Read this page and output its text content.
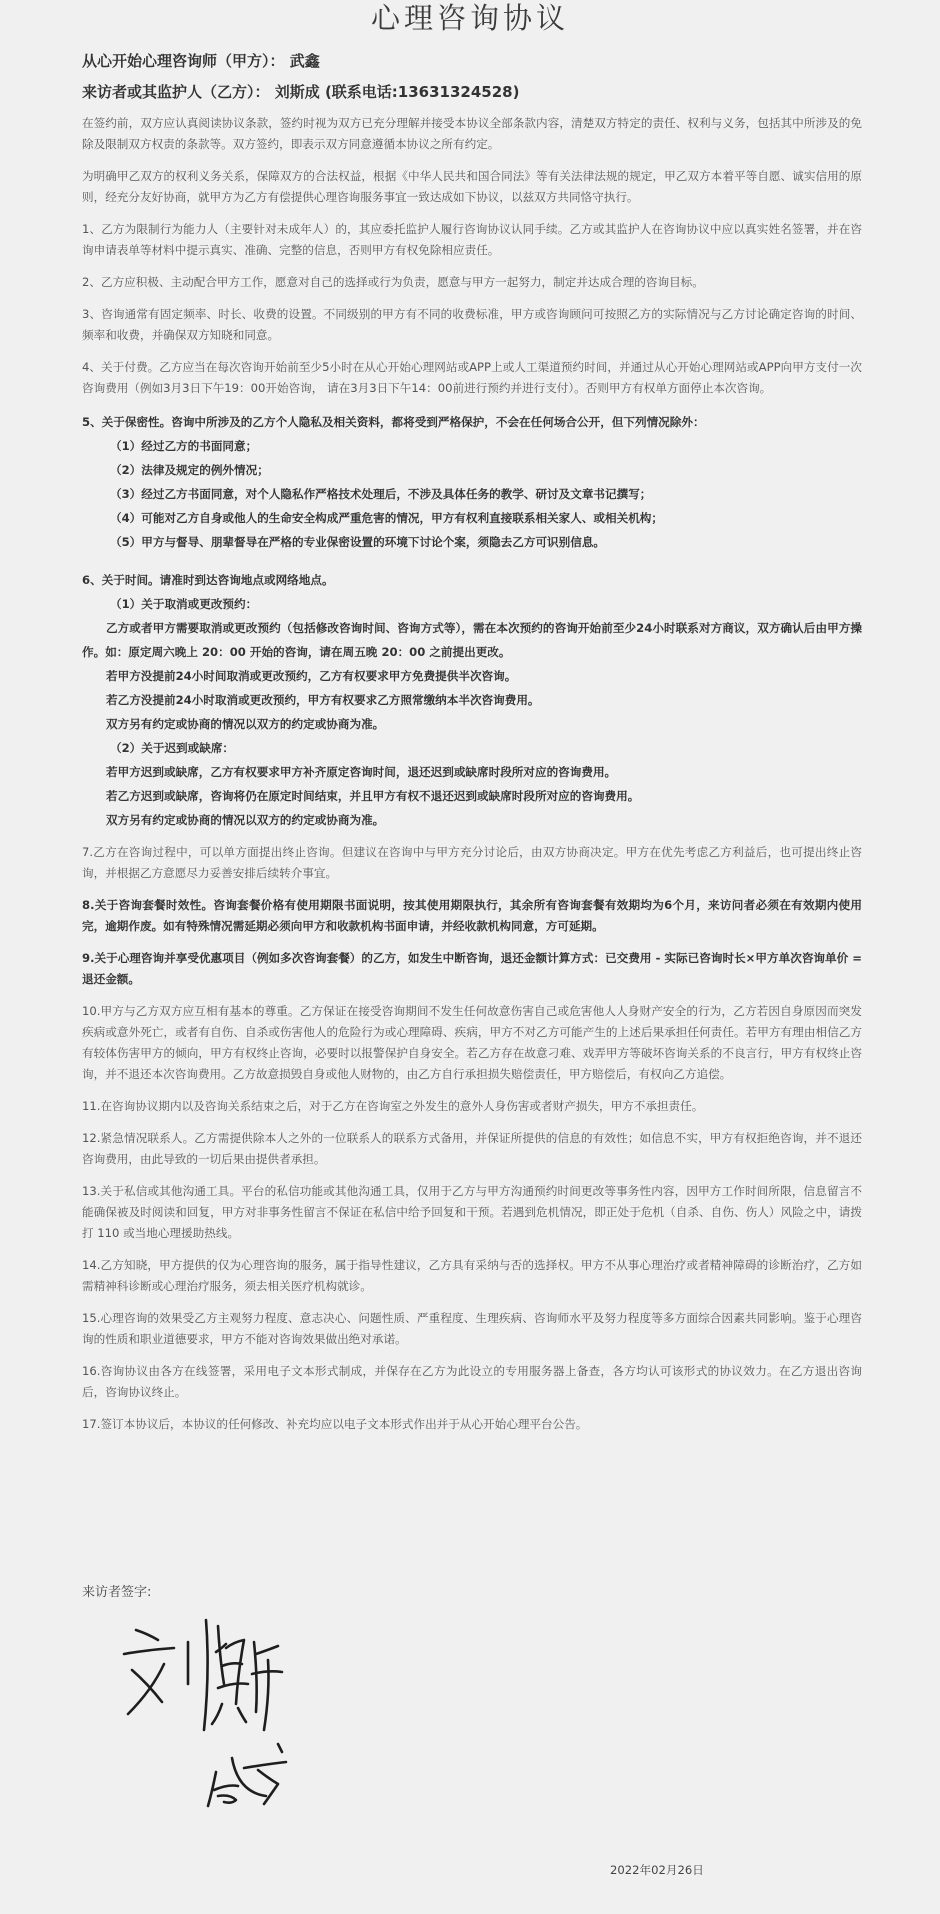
心理咨询协议
从心开始心理咨询师（甲方）： 武鑫
来访者或其监护人（乙方）： 刘斯成 (联系电话:13631324528)

在签约前，双方应认真阅读协议条款，签约时视为双方已充分理解并接受本协议全部条款内容，清楚双方特定的责任、权利与义务，包括其中所涉及的免除及限制双方权责的条款等。双方签约，即表示双方同意遵循本协议之所有约定。

为明确甲乙双方的权利义务关系，保障双方的合法权益，根据《中华人民共和国合同法》等有关法律法规的规定，甲乙双方本着平等自愿、诚实信用的原则，经充分友好协商，就甲方为乙方有偿提供心理咨询服务事宜一致达成如下协议，以兹双方共同恪守执行。

1、乙方为限制行为能力人（主要针对未成年人）的，其应委托监护人履行咨询协议认同手续。乙方或其监护人在咨询协议中应以真实姓名签署，并在咨询申请表单等材料中提示真实、准确、完整的信息，否则甲方有权免除相应责任。

2、乙方应积极、主动配合甲方工作，愿意对自己的选择或行为负责，愿意与甲方一起努力，制定并达成合理的咨询目标。

3、咨询通常有固定频率、时长、收费的设置。不同级别的甲方有不同的收费标准，甲方或咨询顾问可按照乙方的实际情况与乙方讨论确定咨询的时间、频率和收费，并确保双方知晓和同意。

4、关于付费。乙方应当在每次咨询开始前至少5小时在从心开始心理网站或APP上或人工渠道预约时间，并通过从心开始心理网站或APP向甲方支付一次咨询费用（例如3月3日下午19：00开始咨询， 请在3月3日下午14：00前进行预约并进行支付）。否则甲方有权单方面停止本次咨询。

5、关于保密性。咨询中所涉及的乙方个人隐私及相关资料，都将受到严格保护，不会在任何场合公开，但下列情况除外：

（1）经过乙方的书面同意；

（2）法律及规定的例外情况；

（3）经过乙方书面同意，对个人隐私作严格技术处理后，不涉及具体任务的教学、研讨及文章书记撰写；

（4）可能对乙方自身或他人的生命安全构成严重危害的情况，甲方有权利直接联系相关家人、或相关机构；

（5）甲方与督导、朋辈督导在严格的专业保密设置的环境下讨论个案，须隐去乙方可识别信息。

6、关于时间。请准时到达咨询地点或网络地点。

（1）关于取消或更改预约：

乙方或者甲方需要取消或更改预约（包括修改咨询时间、咨询方式等），需在本次预约的咨询开始前至少24小时联系对方商议，双方确认后由甲方操作。如：原定周六晚上 20：00 开始的咨询，请在周五晚 20：00 之前提出更改。

若甲方没提前24小时间取消或更改预约，乙方有权要求甲方免费提供半次咨询。

若乙方没提前24小时取消或更改预约，甲方有权要求乙方照常缴纳本半次咨询费用。

双方另有约定或协商的情况以双方的约定或协商为准。

（2）关于迟到或缺席：

若甲方迟到或缺席，乙方有权要求甲方补齐原定咨询时间，退还迟到或缺席时段所对应的咨询费用。

若乙方迟到或缺席，咨询将仍在原定时间结束，并且甲方有权不退还迟到或缺席时段所对应的咨询费用。

双方另有约定或协商的情况以双方的约定或协商为准。

7.乙方在咨询过程中，可以单方面提出终止咨询。但建议在咨询中与甲方充分讨论后，由双方协商决定。甲方在优先考虑乙方利益后，也可提出终止咨询，并根据乙方意愿尽力妥善安排后续转介事宜。

8.关于咨询套餐时效性。咨询套餐价格有使用期限书面说明，按其使用期限执行，其余所有咨询套餐有效期均为6个月，来访问者必须在有效期内使用完，逾期作废。如有特殊情况需延期必须向甲方和收款机构书面申请，并经收款机构同意，方可延期。

9.关于心理咨询并享受优惠项目（例如多次咨询套餐）的乙方，如发生中断咨询，退还金额计算方式：已交费用 - 实际已咨询时长×甲方单次咨询单价 = 退还金额。

10.甲方与乙方双方应互相有基本的尊重。乙方保证在接受咨询期间不发生任何故意伤害自己或危害他人人身财产安全的行为，乙方若因自身原因而突发疾病或意外死亡，或者有自伤、自杀或伤害他人的危险行为或心理障碍、疾病，甲方不对乙方可能产生的上述后果承担任何责任。若甲方有理由相信乙方有较体伤害甲方的倾向，甲方有权终止咨询，必要时以报警保护自身安全。若乙方存在故意刁难、戏弄甲方等破坏咨询关系的不良言行，甲方有权终止咨询，并不退还本次咨询费用。乙方故意损毁自身或他人财物的，由乙方自行承担损失赔偿责任，甲方赔偿后，有权向乙方追偿。

11.在咨询协议期内以及咨询关系结束之后，对于乙方在咨询室之外发生的意外人身伤害或者财产损失，甲方不承担责任。

12.紧急情况联系人。乙方需提供除本人之外的一位联系人的联系方式备用，并保证所提供的信息的有效性；如信息不实，甲方有权拒绝咨询，并不退还咨询费用，由此导致的一切后果由提供者承担。

13.关于私信或其他沟通工具。平台的私信功能或其他沟通工具，仅用于乙方与甲方沟通预约时间更改等事务性内容，因甲方工作时间所限，信息留言不能确保被及时阅读和回复，甲方对非事务性留言不保证在私信中给予回复和干预。若遇到危机情况，即正处于危机（自杀、自伤、伤人）风险之中，请拨打 110 或当地心理援助热线。

14.乙方知晓，甲方提供的仅为心理咨询的服务，属于指导性建议，乙方具有采纳与否的选择权。甲方不从事心理治疗或者精神障碍的诊断治疗，乙方如需精神科诊断或心理治疗服务，须去相关医疗机构就诊。

15.心理咨询的效果受乙方主观努力程度、意志决心、问题性质、严重程度、生理疾病、咨询师水平及努力程度等多方面综合因素共同影响。鉴于心理咨询的性质和职业道德要求，甲方不能对咨询效果做出绝对承诺。

16.咨询协议由各方在线签署，采用电子文本形式制成，并保存在乙方为此设立的专用服务器上备查，各方均认可该形式的协议效力。在乙方退出咨询后，咨询协议终止。

17.签订本协议后，本协议的任何修改、补充均应以电子文本形式作出并于从心开始心理平台公告。

来访者签字:
2022年02月26日
